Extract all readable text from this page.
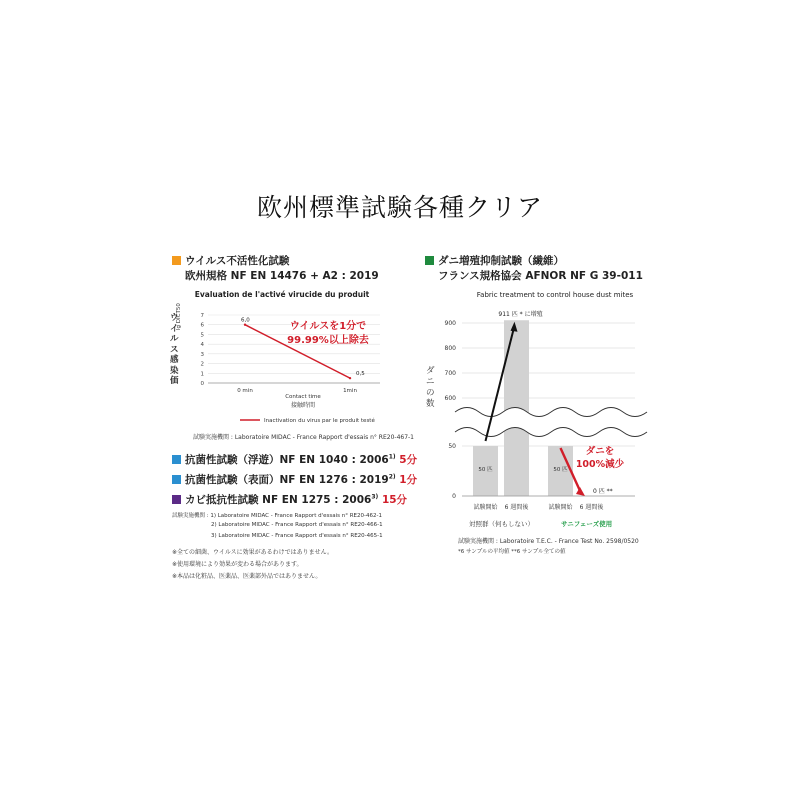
欧州標準試験各種クリア
ウイルス不活性化試験
欧州規格 NF EN 14476 + A2 : 2019
Evaluation de l'activé virucide du produit
0
1
2
3
4
5
6
7
0 min	1min
6,0
0,5
ウイルスを1分で
99.99%以上除去
Contact time
接触時間
Inactivation du virus par le produit testé
ウイルス感染価
lg DICT50
試験実施機関 : Laboratoire MIDAC - France Rapport d'essais n° RE20-467-1
抗菌性試験（浮遊）NF EN 1040 : 2006$^{1)}$ 5分
抗菌性試験（表面）NF EN 1276 : 2019$^{2)}$ 1分
カビ抵抗性試験 NF EN 1275 : 2006$^{3)}$ 15分
試験実施機関 : 1) Laboratoire MIDAC - France Rapport d'essais n° RE20-462-1
2) Laboratoire MIDAC - France Rapport d'essais n° RE20-466-1
3) Laboratoire MIDAC - France Rapport d'essais n° RE20-465-1
※全ての細菌、ウイルスに効果があるわけではありません。
※使用環境により効果が変わる場合があります。
※本品は化粧品、医薬品、医薬部外品ではありません。
ダニ増殖抑制試験（繊維）
フランス規格協会 AFNOR NF G 39-011
Fabric treatment to control house dust mites
0
50
600
700
800
900
50 匹	50 匹
911 匹 * に増殖
ダニを
100%減少
0 匹 **
試験開始 6 週間後	試験開始 6 週間後
ダニの数
対照群（何もしない）	サニフェーズ使用
試験実施機関 : Laboratoire T.E.C. - France Test No. 2598/0520
*6 サンプルの平均値 **6 サンプル全ての値
